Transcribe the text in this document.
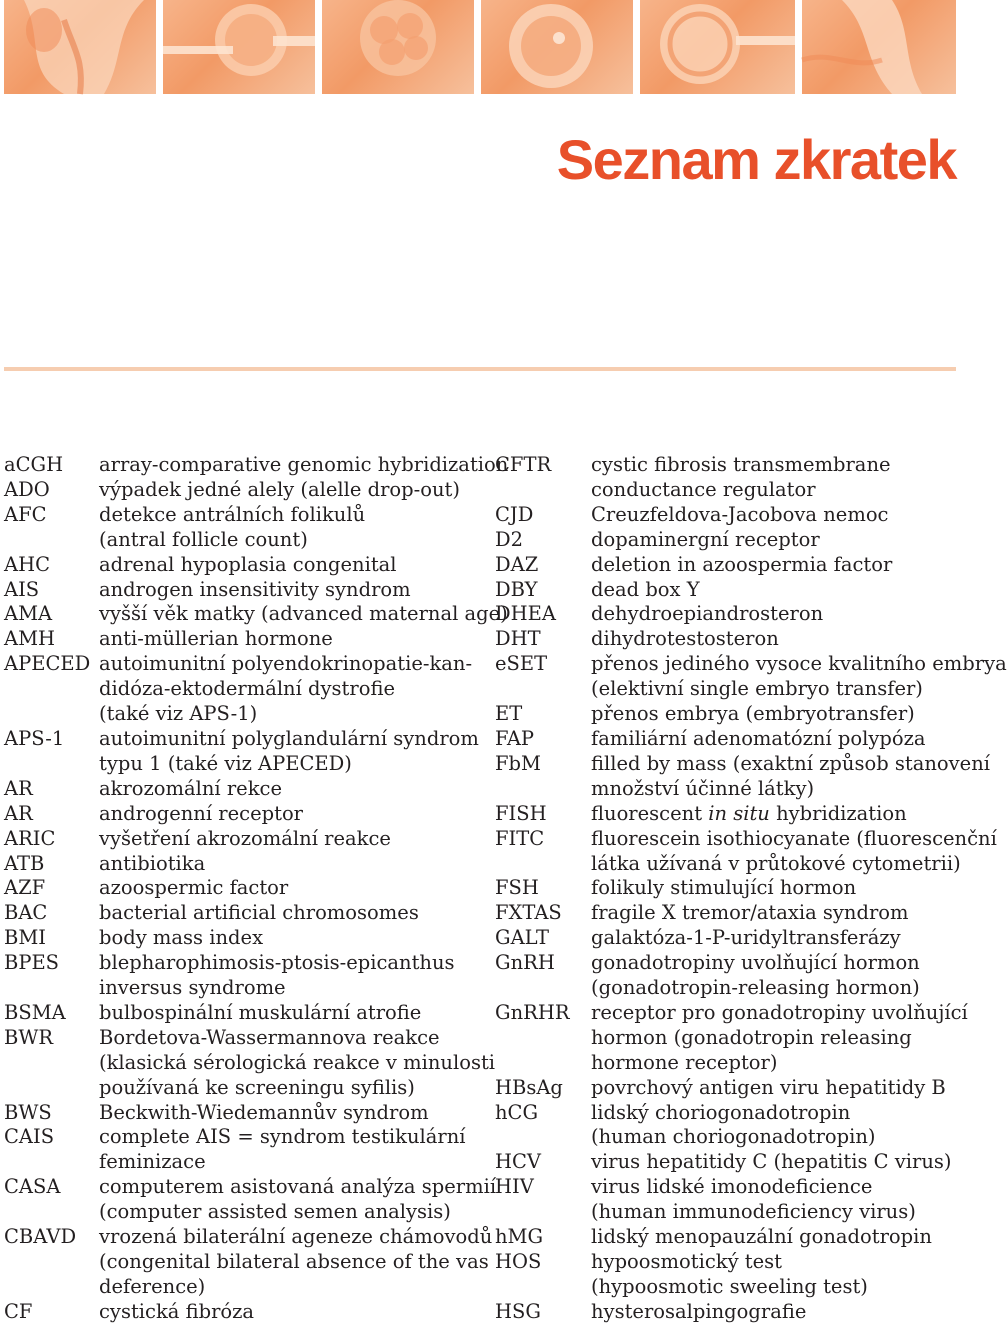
Seznam zkratek
aCGH	array-comparative genomic hybridization
ADO	výpadek jedné alely (alelle drop-out)
AFC	detekce antrálních folikulů
(antral follicle count)
AHC	adrenal hypoplasia congenital
AIS	androgen insensitivity syndrom
AMA	vyšší věk matky (advanced maternal age)
AMH	anti-müllerian hormone
APECED autoimunitní polyendokrinopatie-kan-
didóza-ektodermální dystrofie
(také viz APS-1)
APS-1	autoimunitní polyglandulární syndrom
typu 1 (také viz APECED)
AR	akrozomální rekce
AR	androgenní receptor
ARIC	vyšetření akrozomální reakce
ATB	antibiotika
AZF	azoospermic factor
BAC	bacterial artificial chromosomes
BMI	body mass index
BPES	blepharophimosis-ptosis-epicanthus
inversus syndrome
BSMA	bulbospinální muskulární atrofie
BWR	Bordetova-Wassermannova reakce
(klasická sérologická reakce v minulosti
používaná ke screeningu syfilis)
BWS	Beckwith-Wiedemannův syndrom
CAIS	complete AIS = syndrom testikulární
feminizace
CASA	computerem asistovaná analýza spermií
(computer assisted semen analysis)
CBAVD	vrozená bilaterální ageneze chámovodů
(congenital bilateral absence of the vas
deference)
CF	cystická fibróza
CFTR	cystic fibrosis transmembrane
conductance regulator
CJD	Creuzfeldova-Jacobova nemoc
D2	dopaminergní receptor
DAZ	deletion in azoospermia factor
DBY	dead box Y
DHEA	dehydroepiandrosteron
DHT	dihydrotestosteron
eSET	přenos jediného vysoce kvalitního embrya
(elektivní single embryo transfer)
ET	přenos embrya (embryotransfer)
FAP	familiární adenomatózní polypóza
FbM	filled by mass (exaktní způsob stanovení
množství účinné látky)
FISH	fluorescent in situ hybridization
FITC	fluorescein isothiocyanate (fluorescenční
látka užívaná v průtokové cytometrii)
FSH	folikuly stimulující hormon
FXTAS	fragile X tremor/ataxia syndrom
GALT	galaktóza-1-P-uridyltransferázy
GnRH	gonadotropiny uvolňující hormon
(gonadotropin-releasing hormon)
GnRHR	receptor pro gonadotropiny uvolňující
hormon (gonadotropin releasing
hormone receptor)
HBsAg	povrchový antigen viru hepatitidy B
hCG	lidský choriogonadotropin
(human choriogonadotropin)
HCV	virus hepatitidy C (hepatitis C virus)
HIV	virus lidské imonodeficience
(human immunodeficiency virus)
hMG	lidský menopauzální gonadotropin
HOS	hypoosmotický test
(hypoosmotic sweeling test)
HSG	hysterosalpingografie
